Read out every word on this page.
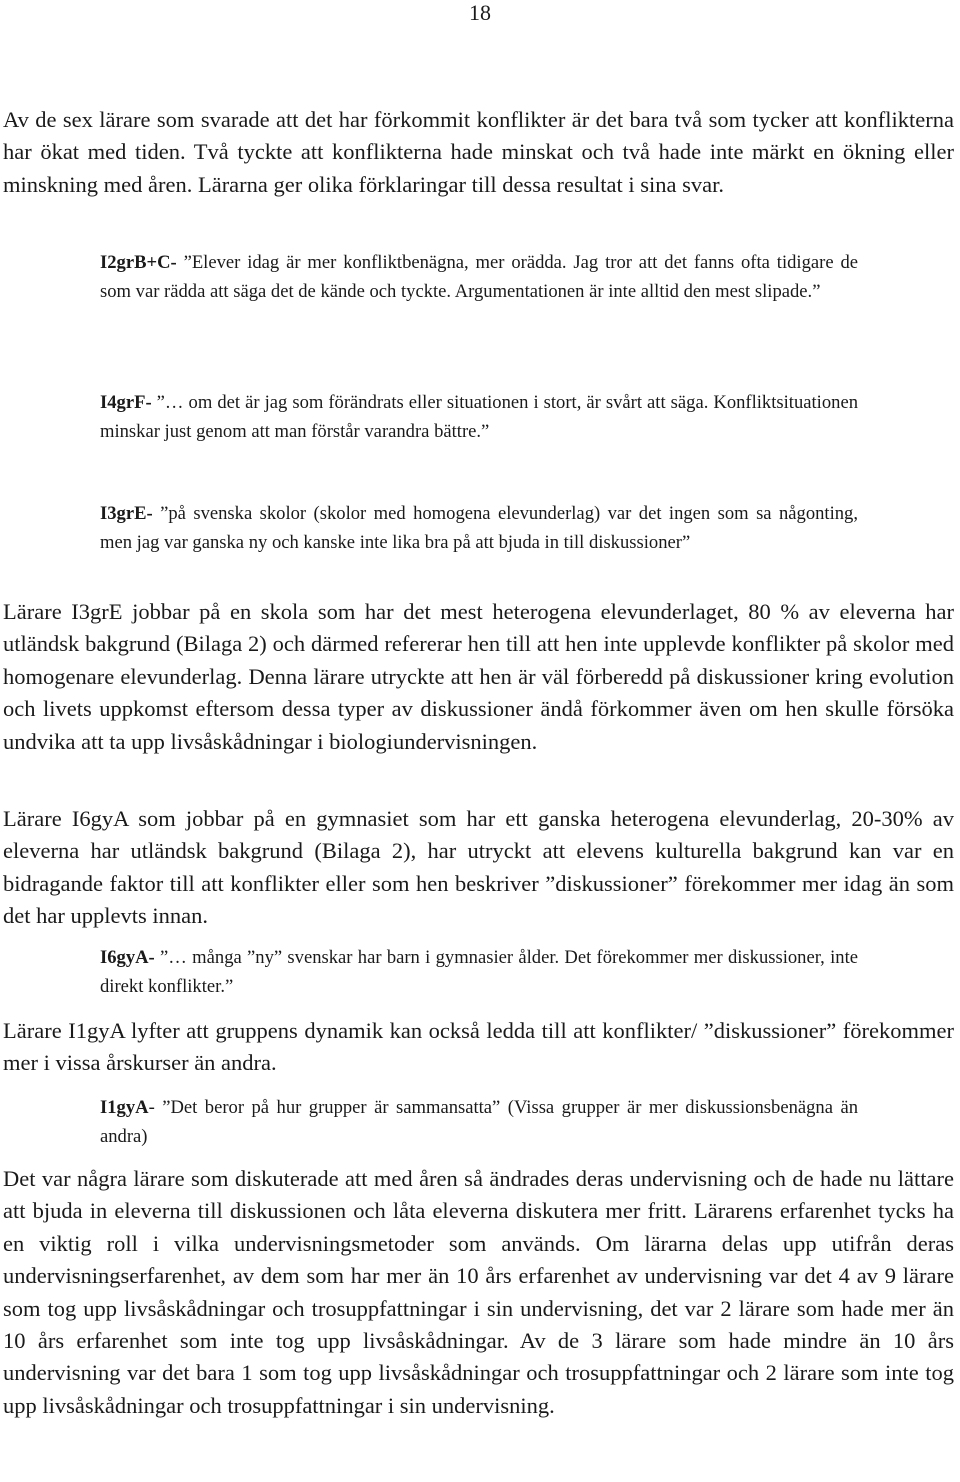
18
Av de sex lärare som svarade att det har förkommit konflikter är det bara två som tycker att konflikterna har ökat med tiden. Två tyckte att konflikterna hade minskat och två hade inte märkt en ökning eller minskning med åren. Lärarna ger olika förklaringar till dessa resultat i sina svar.
I2grB+C- ”Elever idag är mer konfliktbenägna, mer orädda. Jag tror att det fanns ofta tidigare de som var rädda att säga det de kände och tyckte. Argumentationen är inte alltid den mest slipade.”
I4grF- ”… om det är jag som förändrats eller situationen i stort, är svårt att säga. Konfliktsituationen minskar just genom att man förstår varandra bättre.”
I3grE- ”på svenska skolor (skolor med homogena elevunderlag) var det ingen som sa någonting, men jag var ganska ny och kanske inte lika bra på att bjuda in till diskussioner”
Lärare I3grE jobbar på en skola som har det mest heterogena elevunderlaget, 80 % av eleverna har utländsk bakgrund (Bilaga 2) och därmed refererar hen till att hen inte upplevde konflikter på skolor med homogenare elevunderlag. Denna lärare utryckte att hen är väl förberedd på diskussioner kring evolution och livets uppkomst eftersom dessa typer av diskussioner ändå förkommer även om hen skulle försöka undvika att ta upp livsåskådningar i biologiundervisningen.
Lärare I6gyA som jobbar på en gymnasiet som har ett ganska heterogena elevunderlag, 20-30% av eleverna har utländsk bakgrund (Bilaga 2), har utryckt att elevens kulturella bakgrund kan var en bidragande faktor till att konflikter eller som hen beskriver ”diskussioner” förekommer mer idag än som det har upplevts innan.
I6gyA- ”… många ”ny” svenskar har barn i gymnasier ålder. Det förekommer mer diskussioner, inte direkt konflikter.”
Lärare I1gyA lyfter att gruppens dynamik kan också ledda till att konflikter/ ”diskussioner” förekommer mer i vissa årskurser än andra.
I1gyA- ”Det beror på hur grupper är sammansatta” (Vissa grupper är mer diskussionsbenägna än andra)
Det var några lärare som diskuterade att med åren så ändrades deras undervisning och de hade nu lättare att bjuda in eleverna till diskussionen och låta eleverna diskutera mer fritt. Lärarens erfarenhet tycks ha en viktig roll i vilka undervisningsmetoder som används. Om lärarna delas upp utifrån deras undervisningserfarenhet, av dem som har mer än 10 års erfarenhet av undervisning var det 4 av 9 lärare som tog upp livsåskådningar och trosuppfattningar i sin undervisning, det var 2 lärare som hade mer än 10 års erfarenhet som inte tog upp livsåskådningar. Av de 3 lärare som hade mindre än 10 års undervisning var det bara 1 som tog upp livsåskådningar och trosuppfattningar och 2 lärare som inte tog upp livsåskådningar och trosuppfattningar i sin undervisning.
